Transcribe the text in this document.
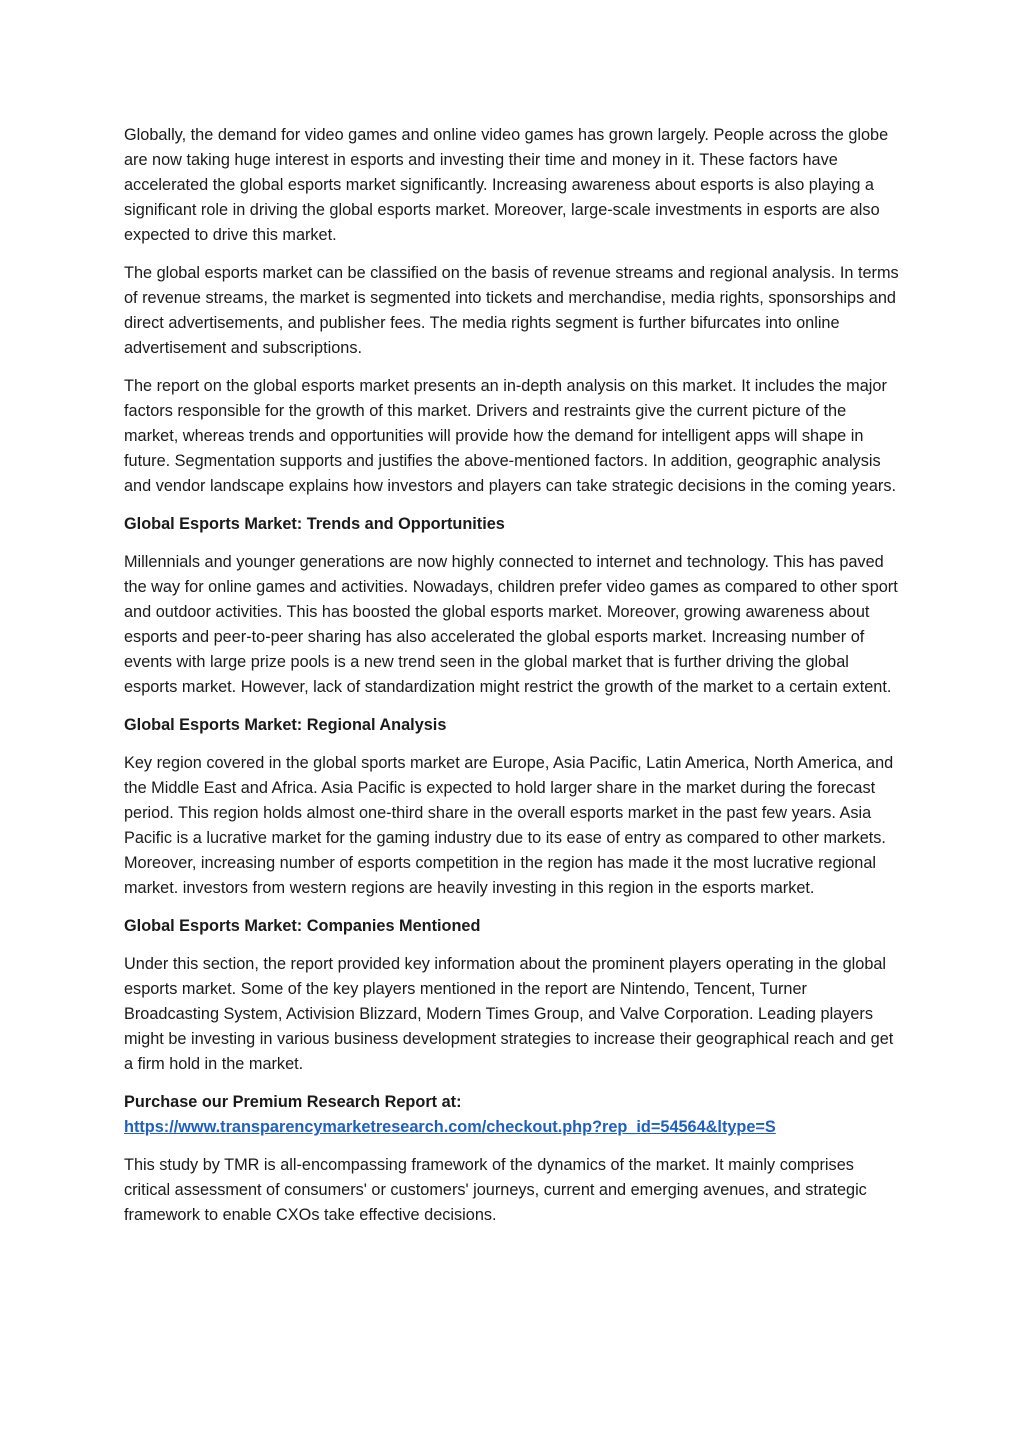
Globally, the demand for video games and online video games has grown largely. People across the globe are now taking huge interest in esports and investing their time and money in it. These factors have accelerated the global esports market significantly. Increasing awareness about esports is also playing a significant role in driving the global esports market. Moreover, large-scale investments in esports are also expected to drive this market.

The global esports market can be classified on the basis of revenue streams and regional analysis. In terms of revenue streams, the market is segmented into tickets and merchandise, media rights, sponsorships and direct advertisements, and publisher fees. The media rights segment is further bifurcates into online advertisement and subscriptions.

The report on the global esports market presents an in-depth analysis on this market. It includes the major factors responsible for the growth of this market. Drivers and restraints give the current picture of the market, whereas trends and opportunities will provide how the demand for intelligent apps will shape in future. Segmentation supports and justifies the above-mentioned factors. In addition, geographic analysis and vendor landscape explains how investors and players can take strategic decisions in the coming years.

Global Esports Market: Trends and Opportunities

Millennials and younger generations are now highly connected to internet and technology. This has paved the way for online games and activities. Nowadays, children prefer video games as compared to other sport and outdoor activities. This has boosted the global esports market. Moreover, growing awareness about esports and peer-to-peer sharing has also accelerated the global esports market. Increasing number of events with large prize pools is a new trend seen in the global market that is further driving the global esports market. However, lack of standardization might restrict the growth of the market to a certain extent.

Global Esports Market: Regional Analysis

Key region covered in the global sports market are Europe, Asia Pacific, Latin America, North America, and the Middle East and Africa. Asia Pacific is expected to hold larger share in the market during the forecast period. This region holds almost one-third share in the overall esports market in the past few years. Asia Pacific is a lucrative market for the gaming industry due to its ease of entry as compared to other markets. Moreover, increasing number of esports competition in the region has made it the most lucrative regional market. investors from western regions are heavily investing in this region in the esports market.

Global Esports Market: Companies Mentioned

Under this section, the report provided key information about the prominent players operating in the global esports market. Some of the key players mentioned in the report are Nintendo, Tencent, Turner Broadcasting System, Activision Blizzard, Modern Times Group, and Valve Corporation. Leading players might be investing in various business development strategies to increase their geographical reach and get a firm hold in the market.

Purchase our Premium Research Report at:
https://www.transparencymarketresearch.com/checkout.php?rep_id=54564&ltype=S

This study by TMR is all-encompassing framework of the dynamics of the market. It mainly comprises critical assessment of consumers' or customers' journeys, current and emerging avenues, and strategic framework to enable CXOs take effective decisions.
